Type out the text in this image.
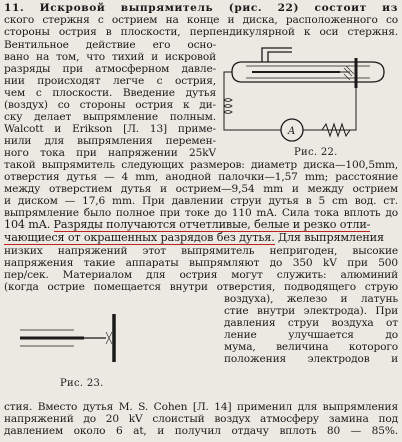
11. Искровой выпрямитель (рис. 22) состоит из
ского стержня с острием на конце и диска, расположенного со
стороны острия в плоскости, перпендикулярной к оси стержня.
Вентильное действие его осно-
вано на том, что тихий и искровой
разряды при атмосферном давле-
нии происходят легче с острия,
чем с плоскости. Введение дутья
(воздух) со стороны острия к ди-
ску делает выпрямление полным.
Walcott и Erikson [Л. 13] приме-
нили для выпрямления перемен-
ного тока при напряжении 25kV
A
Рис. 22.
такой выпрямитель следующих размеров: диаметр диска—100,5mm,
отверстия дутья — 4 mm, анодной палочки—1,57 mm; расстояние
между отверстием дутья и острием—9,54 mm и между острием
и диском — 17,6 mm. При давлении струи дутья в 5 cm вод. ст.
выпрямление было полное при токе до 110 mA. Сила тока вплоть до
104 mA. Разряды получаются отчетливые, белые и резко отли-
чающиеся от окрашенных разрядов без дутья. Для выпрямления
низких напряжений этот выпрямитель непригоден, высокие
напряжения такие аппараты выпрямляют до 350 kV при 500
пер/сек. Материалом для острия могут служить: алюминий
(когда острие помещается внутри отверстия, подводящего струю
Рис. 23.
воздуха), железо и латунь
стие внутри электрода). При
давления струи воздуха от
ление улучшается до
мума, величина которого
положения электродов и
стия. Вместо дутья M. S. Cohen [Л. 14] применил для выпрямления
напряжений до 20 kV слоистый воздух атмосферу замина под
давлением около 6 at, и получил отдачу вплоть 80 — 85%.
